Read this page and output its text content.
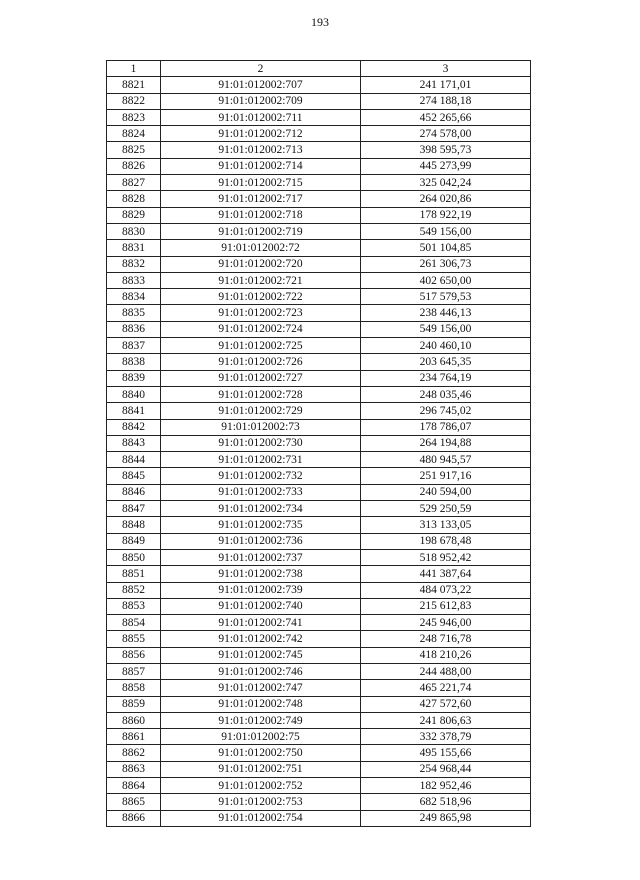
193
1	2	3
8821	91:01:012002:707	241 171,01
8822	91:01:012002:709	274 188,18
8823	91:01:012002:711	452 265,66
8824	91:01:012002:712	274 578,00
8825	91:01:012002:713	398 595,73
8826	91:01:012002:714	445 273,99
8827	91:01:012002:715	325 042,24
8828	91:01:012002:717	264 020,86
8829	91:01:012002:718	178 922,19
8830	91:01:012002:719	549 156,00
8831	91:01:012002:72	501 104,85
8832	91:01:012002:720	261 306,73
8833	91:01:012002:721	402 650,00
8834	91:01:012002:722	517 579,53
8835	91:01:012002:723	238 446,13
8836	91:01:012002:724	549 156,00
8837	91:01:012002:725	240 460,10
8838	91:01:012002:726	203 645,35
8839	91:01:012002:727	234 764,19
8840	91:01:012002:728	248 035,46
8841	91:01:012002:729	296 745,02
8842	91:01:012002:73	178 786,07
8843	91:01:012002:730	264 194,88
8844	91:01:012002:731	480 945,57
8845	91:01:012002:732	251 917,16
8846	91:01:012002:733	240 594,00
8847	91:01:012002:734	529 250,59
8848	91:01:012002:735	313 133,05
8849	91:01:012002:736	198 678,48
8850	91:01:012002:737	518 952,42
8851	91:01:012002:738	441 387,64
8852	91:01:012002:739	484 073,22
8853	91:01:012002:740	215 612,83
8854	91:01:012002:741	245 946,00
8855	91:01:012002:742	248 716,78
8856	91:01:012002:745	418 210,26
8857	91:01:012002:746	244 488,00
8858	91:01:012002:747	465 221,74
8859	91:01:012002:748	427 572,60
8860	91:01:012002:749	241 806,63
8861	91:01:012002:75	332 378,79
8862	91:01:012002:750	495 155,66
8863	91:01:012002:751	254 968,44
8864	91:01:012002:752	182 952,46
8865	91:01:012002:753	682 518,96
8866	91:01:012002:754	249 865,98
